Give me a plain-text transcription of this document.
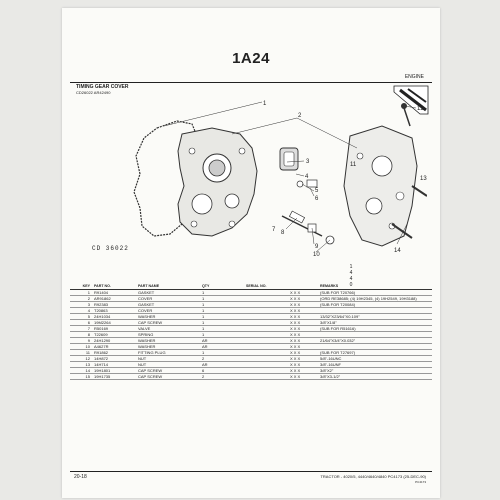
1A24
ENGINE
TIMING GEAR COVER
CD26022 AR42490
1
2
3
4
5
6
7 8
9
10
11
12
13
14
CD 36022
1
4
4
0
KEY	PART NO.	PART NAME	QTY	SERIAL NO.		REMARKS
1	R91404	GASKET	1		X X X	(SUB FOR T20766)
2	AR91862	COVER	1		X X X	(ORD RE38685; (4) 19H2345, (4) 19H2549, 19H3188)
3	R92383	GASKET	1		X X X	(SUB FOR T20084)
4	T20863	COVER	1		X X X	
5	24H1034	WASHER	1		X X X	13/32"X23/64"X0.109"
6	19M2264	CAP SCREW	1		X X X	3/8"X1/8"
7	R50169	VALVE	1		X X X	(SUB FOR R51616)
8	T22609	SPRING	1		X X X	
9	24H1290	WASHER	AR		X X X	21/64"X3/4"X0.032"
10	A4627R	WASHER	AR		X X X	
11	R91862	FITTING PLUG	1		X X X	(SUB FOR T27697)
12	14H872	NUT	2		X X X	5/8"-16UNC
13	14H714	NUT	AR		X X X	3/8"-16UNF
14	19H1801	CAP SCREW	6		X X X	3/8"X2"
15	19H1735	CAP SCREW	2		X X X	3/8"X3-1/2"
20-18	TRACTOR - 4020/5, 4440/4640/4840 PC4173 (25-DEC-90)
PC4173
